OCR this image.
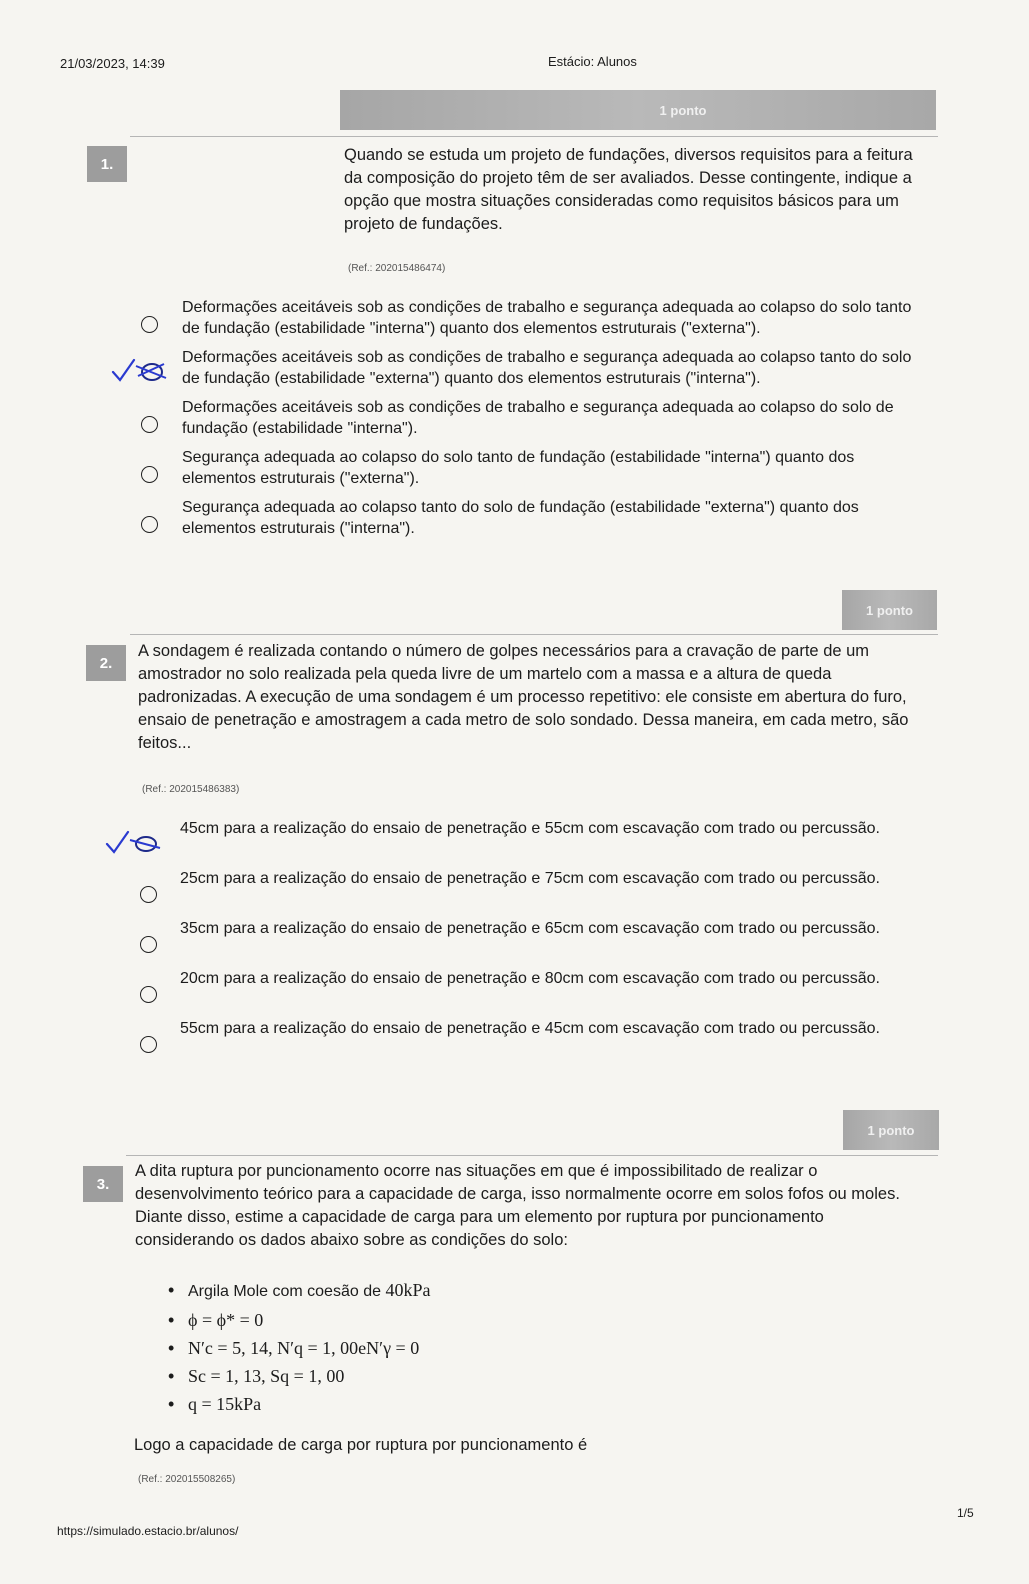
21/03/2023, 14:39	Estácio: Alunos
1 ponto
1.	Quando se estuda um projeto de fundações, diversos requisitos para a feitura da composição do projeto têm de ser avaliados. Desse contingente, indique a opção que mostra situações consideradas como requisitos básicos para um projeto de fundações.
(Ref.: 202015486474)
Deformações aceitáveis sob as condições de trabalho e segurança adequada ao colapso do solo tanto de fundação (estabilidade "interna") quanto dos elementos estruturais ("externa").
Deformações aceitáveis sob as condições de trabalho e segurança adequada ao colapso tanto do solo de fundação (estabilidade "externa") quanto dos elementos estruturais ("interna").
Deformações aceitáveis sob as condições de trabalho e segurança adequada ao colapso do solo de fundação (estabilidade "interna").
Segurança adequada ao colapso do solo tanto de fundação (estabilidade "interna") quanto dos elementos estruturais ("externa").
Segurança adequada ao colapso tanto do solo de fundação (estabilidade "externa") quanto dos elementos estruturais ("interna").
1 ponto
2.
A sondagem é realizada contando o número de golpes necessários para a cravação de parte de um amostrador no solo realizada pela queda livre de um martelo com a massa e a altura de queda padronizadas. A execução de uma sondagem é um processo repetitivo: ele consiste em abertura do furo, ensaio de penetração e amostragem a cada metro de solo sondado. Dessa maneira, em cada metro, são feitos...
(Ref.: 202015486383)
45cm para a realização do ensaio de penetração e 55cm com escavação com trado ou percussão.
25cm para a realização do ensaio de penetração e 75cm com escavação com trado ou percussão.
35cm para a realização do ensaio de penetração e 65cm com escavação com trado ou percussão.
20cm para a realização do ensaio de penetração e 80cm com escavação com trado ou percussão.
55cm para a realização do ensaio de penetração e 45cm com escavação com trado ou percussão.
1 ponto
3.
A dita ruptura por puncionamento ocorre nas situações em que é impossibilitado de realizar o desenvolvimento teórico para a capacidade de carga, isso normalmente ocorre em solos fofos ou moles. Diante disso, estime a capacidade de carga para um elemento por ruptura por puncionamento considerando os dados abaixo sobre as condições do solo:
• Argila Mole com coesão de 40kPa
• ϕ = ϕ* = 0
• N′c = 5, 14, N′q = 1, 00eN′γ = 0
• Sc = 1, 13, Sq = 1, 00
• q = 15kPa
Logo a capacidade de carga por ruptura por puncionamento é
(Ref.: 202015508265)
https://simulado.estacio.br/alunos/
1/5
